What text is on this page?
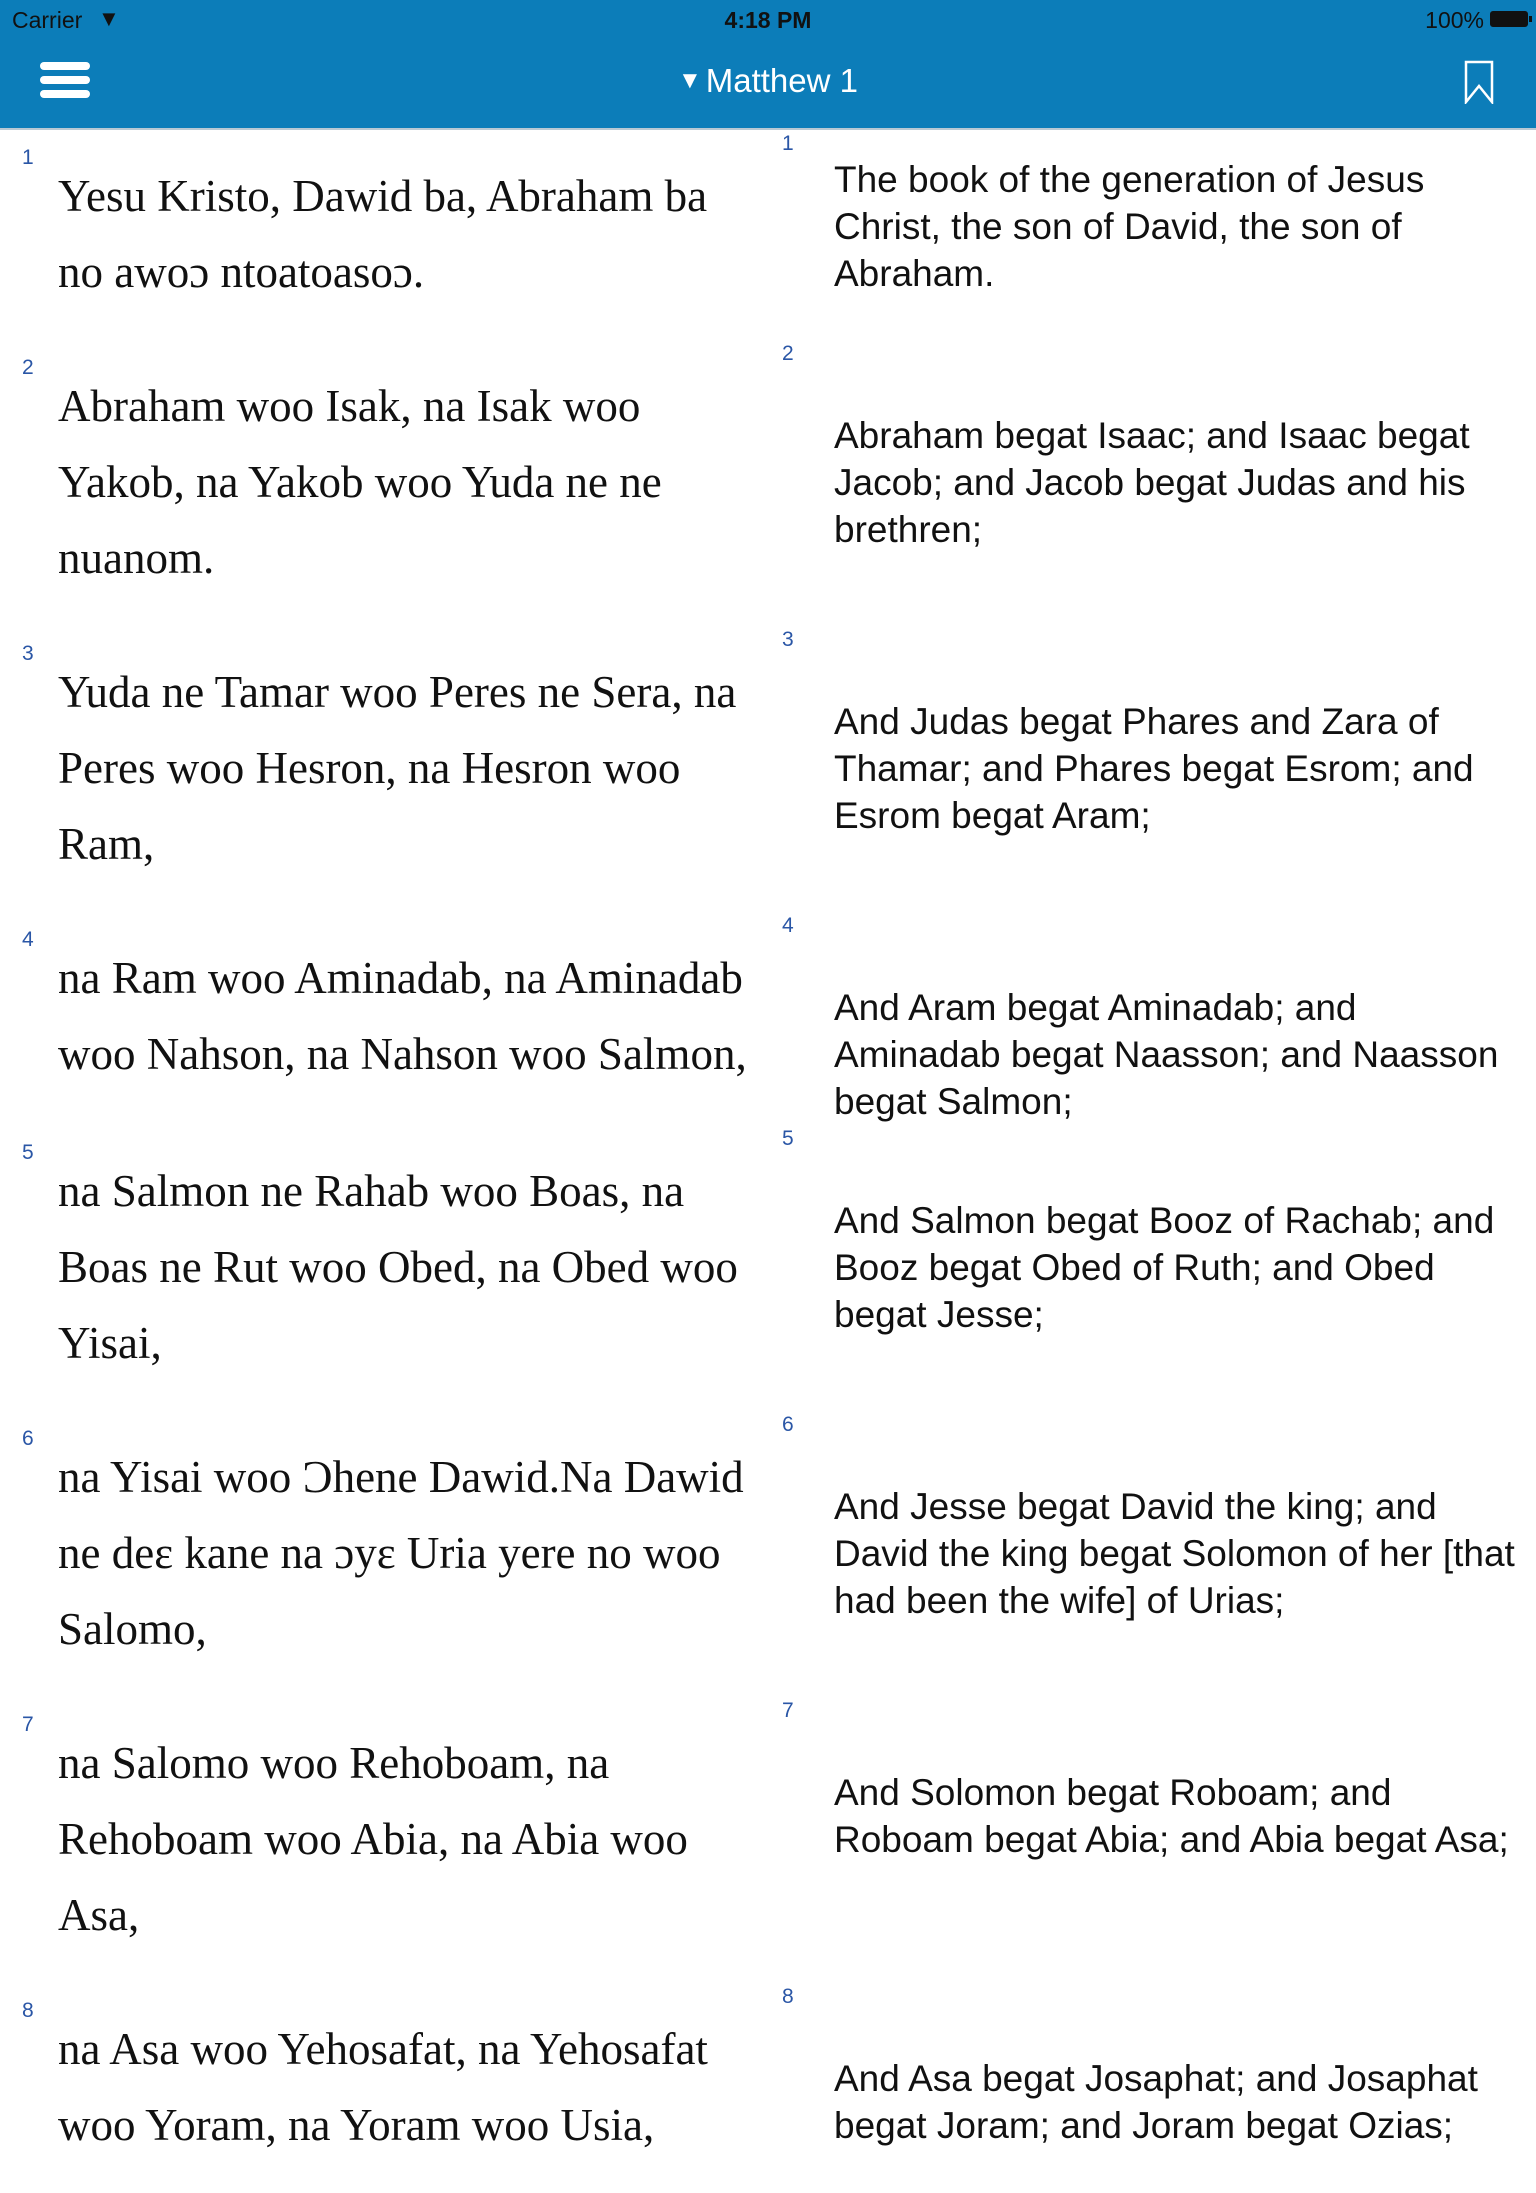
Carrier ▼	4:18 PM	100%
▼ Matthew 1
1
Yesu Kristo, Dawid ba, Abraham ba no awoɔ ntoatoasoɔ.
1
The book of the generation of Jesus Christ, the son of David, the son of Abraham.
2
Abraham woo Isak, na Isak woo Yakob, na Yakob woo Yuda ne ne nuanom.
2
Abraham begat Isaac; and Isaac begat Jacob; and Jacob begat Judas and his brethren;
3
Yuda ne Tamar woo Peres ne Sera, na Peres woo Hesron, na Hesron woo Ram,
3
And Judas begat Phares and Zara of Thamar; and Phares begat Esrom; and Esrom begat Aram;
4
na Ram woo Aminadab, na Aminadab woo Nahson, na Nahson woo Salmon,
4
And Aram begat Aminadab; and Aminadab begat Naasson; and Naasson begat Salmon;
5
na Salmon ne Rahab woo Boas, na Boas ne Rut woo Obed, na Obed woo Yisai,
5
And Salmon begat Booz of Rachab; and Booz begat Obed of Ruth; and Obed begat Jesse;
6
na Yisai woo Ɔhene Dawid.Na Dawid ne deɛ kane na ɔyɛ Uria yere no woo Salomo,
6
And Jesse begat David the king; and David the king begat Solomon of her [that had been the wife] of Urias;
7
na Salomo woo Rehoboam, na Rehoboam woo Abia, na Abia woo Asa,
7
And Solomon begat Roboam; and Roboam begat Abia; and Abia begat Asa;
8
na Asa woo Yehosafat, na Yehosafat woo Yoram, na Yoram woo Usia,
8
And Asa begat Josaphat; and Josaphat begat Joram; and Joram begat Ozias;
